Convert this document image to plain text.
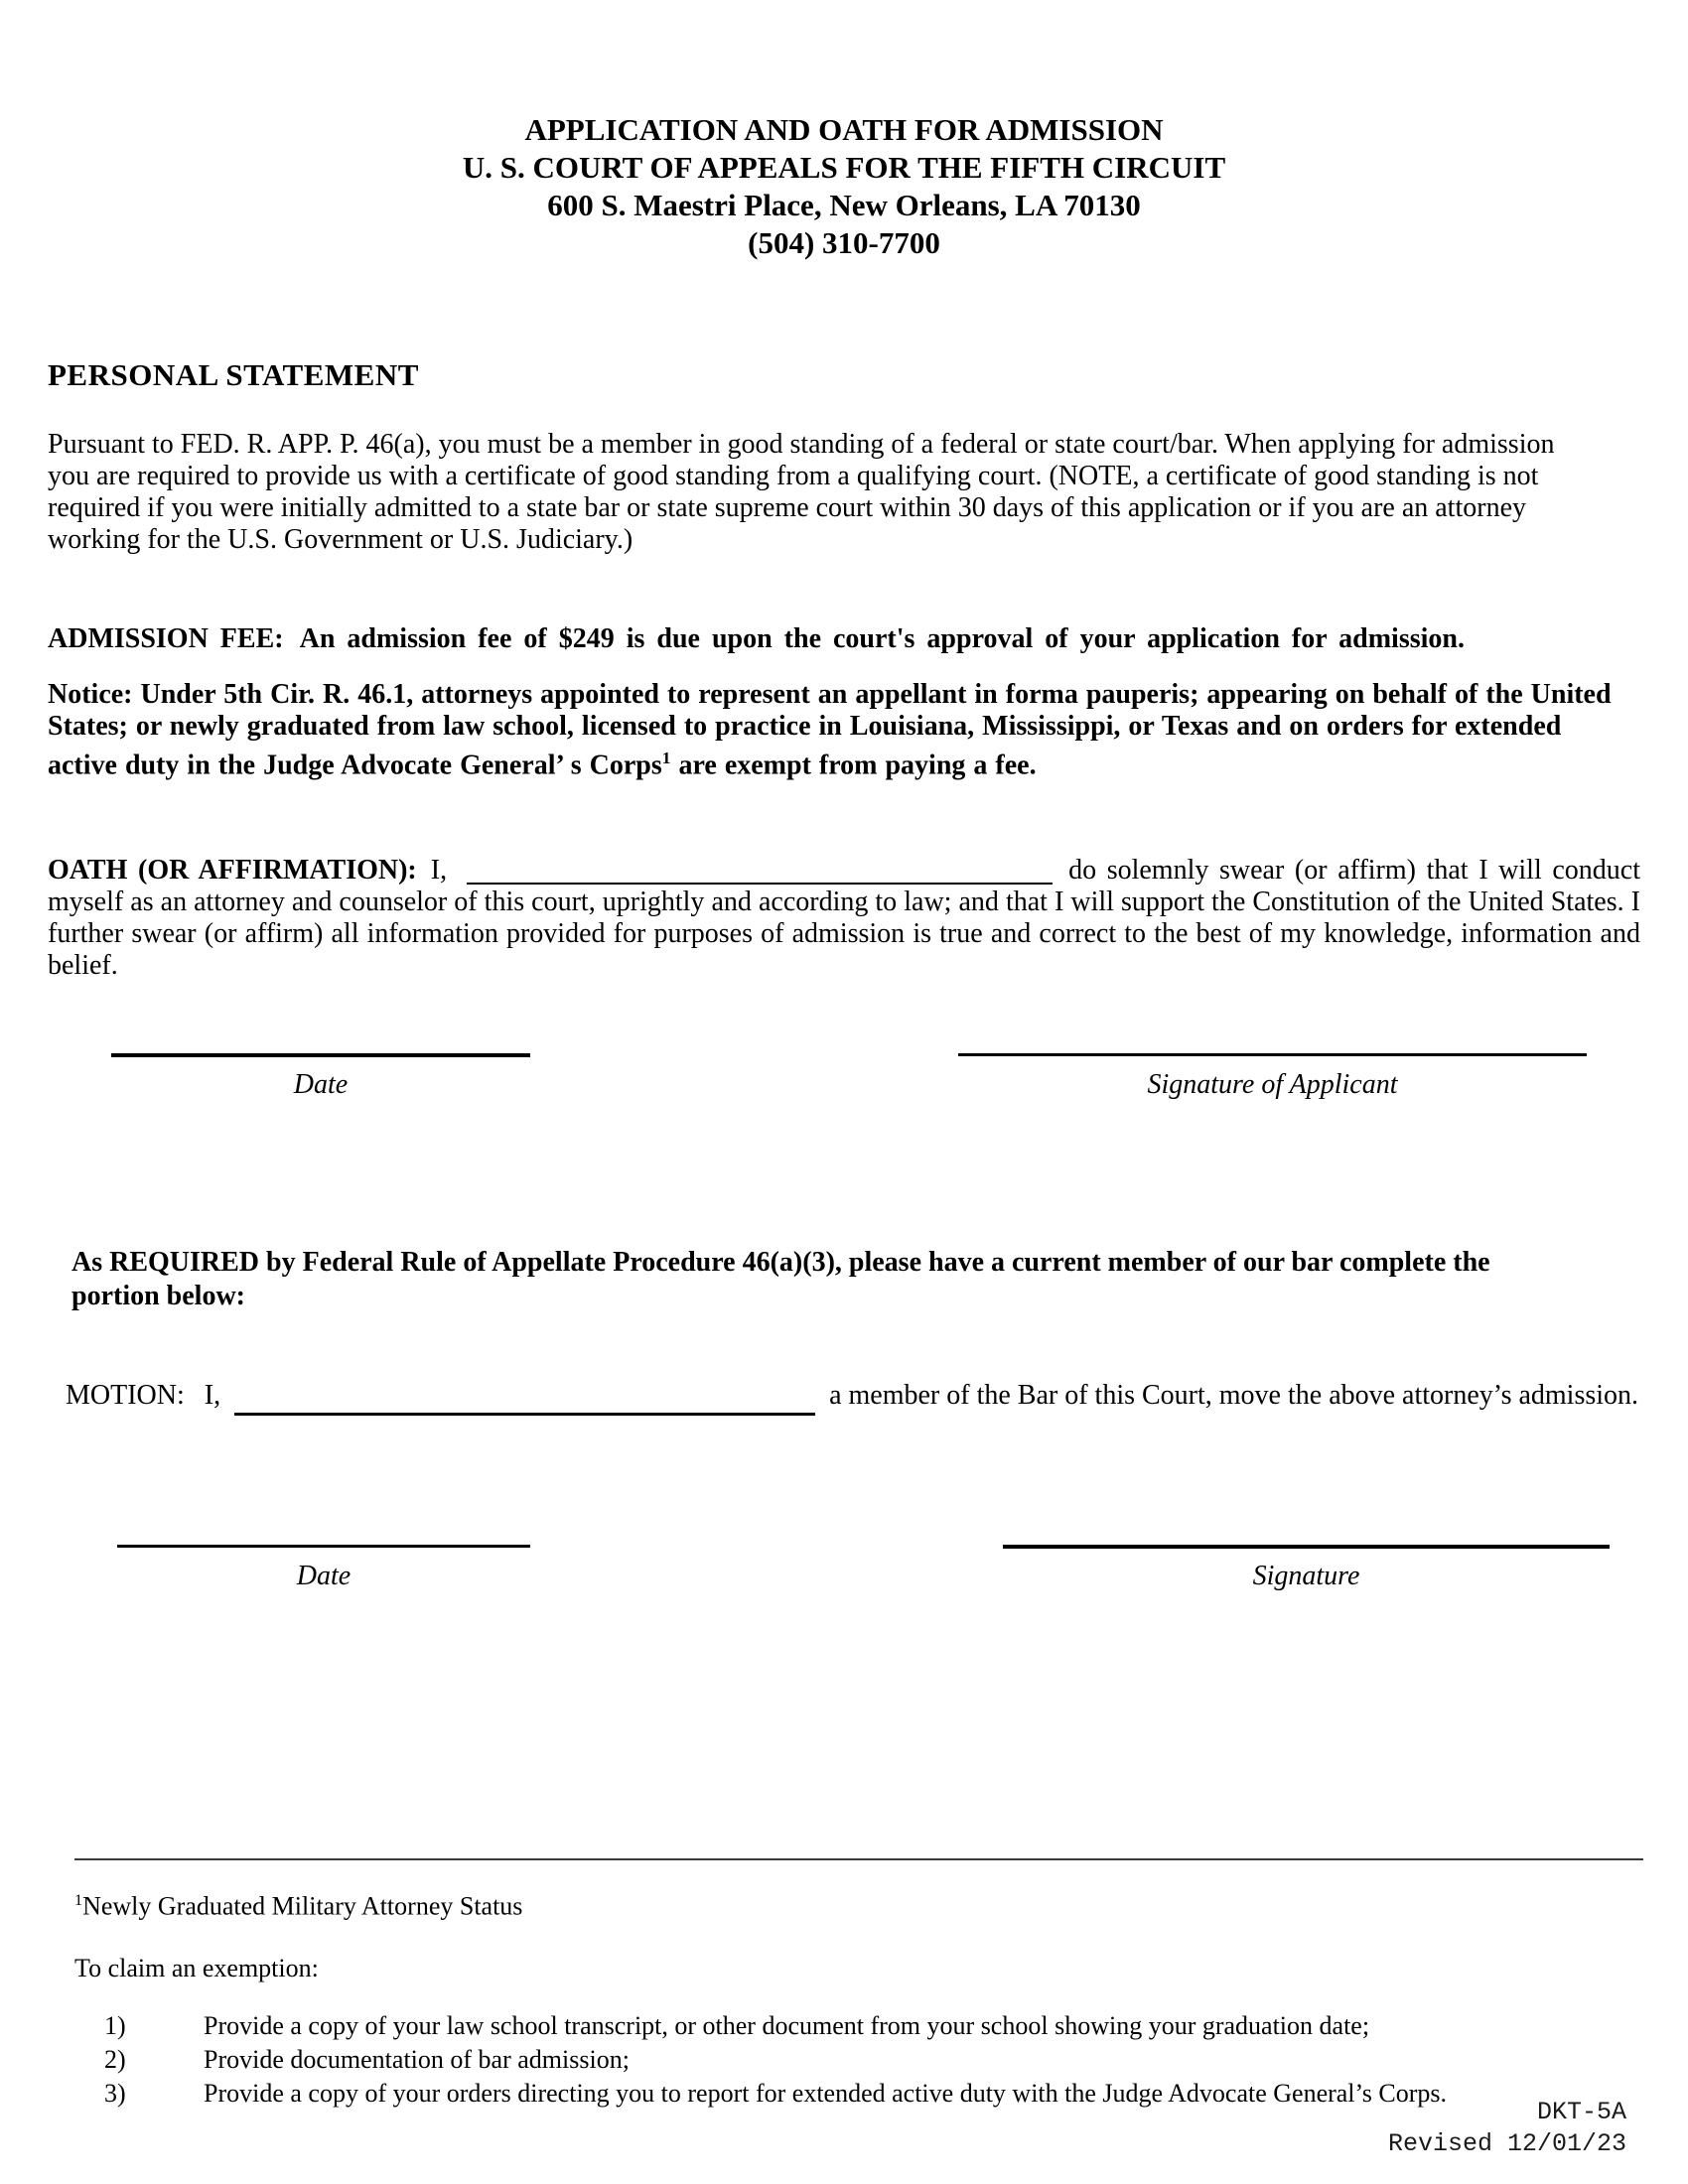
APPLICATION AND OATH FOR ADMISSION
U. S. COURT OF APPEALS FOR THE FIFTH CIRCUIT
600 S. Maestri Place, New Orleans, LA 70130
(504) 310-7700
PERSONAL STATEMENT

Pursuant to FED. R. APP. P. 46(a), you must be a member in good standing of a federal or state court/bar. When applying for admission you are required to provide us with a certificate of good standing from a qualifying court. (NOTE, a certificate of good standing is not required if you were initially admitted to a state bar or state supreme court within 30 days of this application or if you are an attorney working for the U.S. Government or U.S. Judiciary.)

ADMISSION FEE: An admission fee of $249 is due upon the court's approval of your application for admission.

Notice: Under 5th Cir. R. 46.1, attorneys appointed to represent an appellant in forma pauperis; appearing on behalf of the United States; or newly graduated from law school, licensed to practice in Louisiana, Mississippi, or Texas and on orders for extended active duty in the Judge Advocate General’ s Corps$^1$ are exempt from paying a fee.

OATH (OR AFFIRMATION): I,	do solemnly swear (or affirm) that I will conduct myself as an attorney and counselor of this court, uprightly and according to law; and that I will support the Constitution of the United States. I further swear (or affirm) all information provided for purposes of admission is true and correct to the best of my knowledge, information and belief.

Date	Signature of Applicant

As REQUIRED by Federal Rule of Appellate Procedure 46(a)(3), please have a current member of our bar complete the portion below:

MOTION: I,	a member of the Bar of this Court, move the above attorney’s admission.
Date	Signature
$^1$Newly Graduated Military Attorney Status
To claim an exemption:
1)	Provide a copy of your law school transcript, or other document from your school showing your graduation date;
2)	Provide documentation of bar admission;
3)	Provide a copy of your orders directing you to report for extended active duty with the Judge Advocate General’s Corps.
DKT-5A
Revised 12/01/23
